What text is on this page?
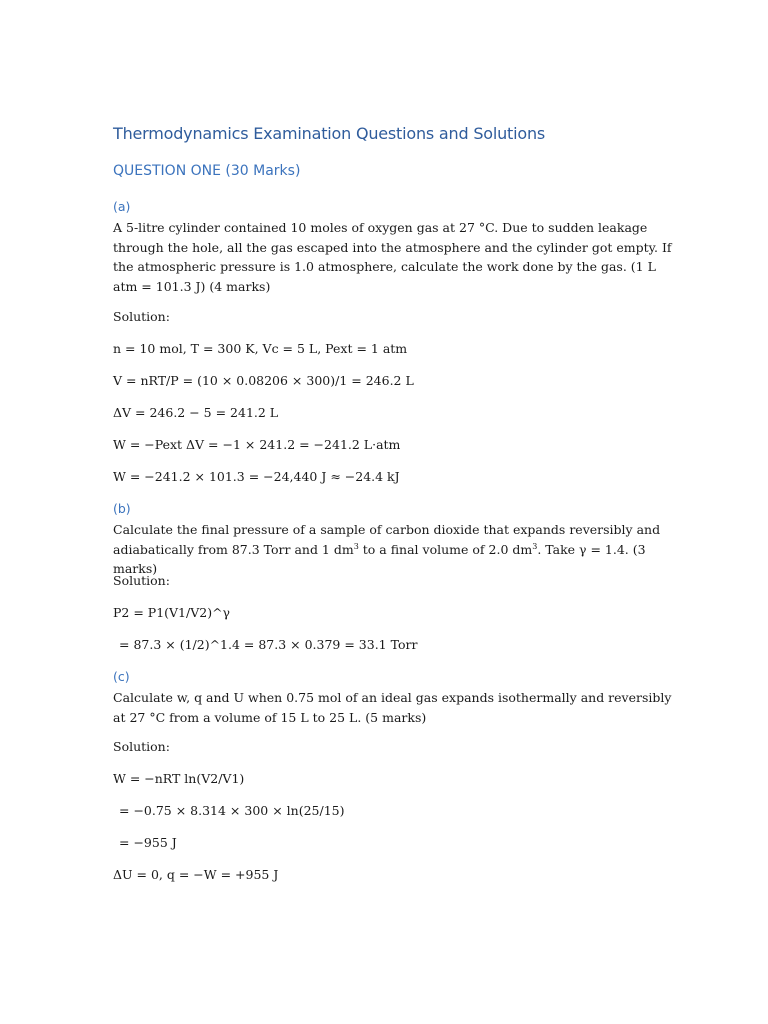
Thermodynamics Examination Questions and Solutions
QUESTION ONE (30 Marks)
(a)
A 5-litre cylinder contained 10 moles of oxygen gas at 27 °C. Due to sudden leakage through the hole, all the gas escaped into the atmosphere and the cylinder got empty. If the atmospheric pressure is 1.0 atmosphere, calculate the work done by the gas. (1 L atm = 101.3 J) (4 marks)
Solution:
n = 10 mol, T = 300 K, Vc = 5 L, Pext = 1 atm
V = nRT/P = (10 × 0.08206 × 300)/1 = 246.2 L
ΔV = 246.2 − 5 = 241.2 L
W = −Pext ΔV = −1 × 241.2 = −241.2 L·atm
W = −241.2 × 101.3 = −24,440 J ≈ −24.4 kJ
(b)
Calculate the final pressure of a sample of carbon dioxide that expands reversibly and adiabatically from 87.3 Torr and 1 $dm^3$ to a final volume of 2.0 $dm^3$. Take γ = 1.4. (3 marks)
Solution:
P2 = P1(V1/V2)^γ
= 87.3 × (1/2)^1.4 = 87.3 × 0.379 = 33.1 Torr
(c)
Calculate w, q and U when 0.75 mol of an ideal gas expands isothermally and reversibly at 27 °C from a volume of 15 L to 25 L. (5 marks)
Solution:
W = −nRT ln(V2/V1)
= −0.75 × 8.314 × 300 × ln(25/15)
= −955 J
ΔU = 0, q = −W = +955 J
